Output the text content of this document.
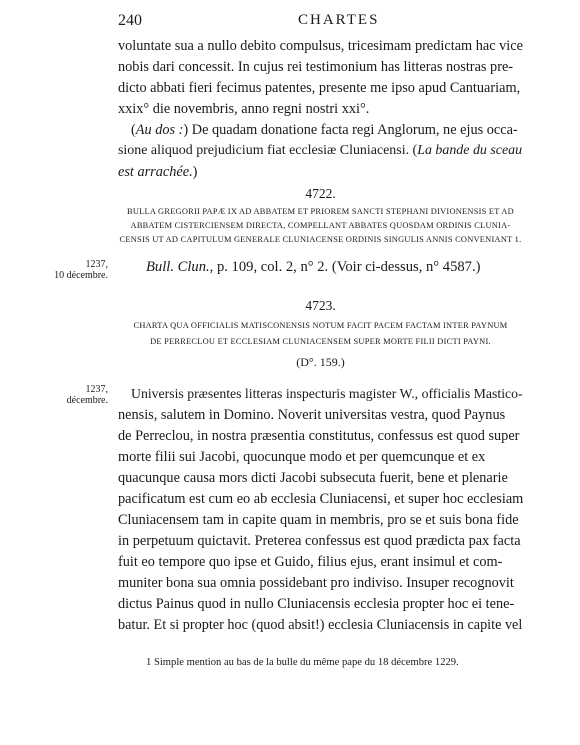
240	CHARTES
voluntate sua a nullo debito compulsus, tricesimam predictam hac vice
nobis dari concessit. In cujus rei testimonium has litteras nostras pre-
dicto abbati fieri fecimus patentes, presente me ipso apud Cantuariam,
xxix° die novembris, anno regni nostri xxi°.
(Au dos :) De quadam donatione facta regi Anglorum, ne ejus occa-
sione aliquod prejudicium fiat ecclesiæ Cluniacensi. (La bande du sceau
est arrachée.)
4722.
BULLA GREGORII PAPÆ IX AD ABBATEM ET PRIOREM SANCTI STEPHANI DIVIONENSIS ET AD
ABBATEM CISTERCIENSEM DIRECTA, COMPELLANT ABBATES QUOSDAM ORDINIS CLUNIA-
CENSIS UT AD CAPITULUM GENERALE CLUNIACENSE ORDINIS SINGULIS ANNIS CONVENIANT 1.
1237,
10 décembre.
Bull. Clun., p. 109, col. 2, n° 2. (Voir ci-dessus, n° 4587.)
4723.
CHARTA QUA OFFICIALIS MATISCONENSIS NOTUM FACIT PACEM FACTAM INTER PAYNUM
DE PERRECLOU ET ECCLESIAM CLUNIACENSEM SUPER MORTE FILII DICTI PAYNI.
(D°. 159.)
1237,
décembre. Universis præsentes litteras inspecturis magister W., officialis Mastico-
nensis, salutem in Domino. Noverit universitas vestra, quod Paynus
de Perreclou, in nostra præsentia constitutus, confessus est quod super
morte filii sui Jacobi, quocunque modo et per quemcunque et ex
quacunque causa mors dicti Jacobi subsecuta fuerit, bene et plenarie
pacificatum est cum eo ab ecclesia Cluniacensi, et super hoc ecclesiam
Cluniacensem tam in capite quam in membris, pro se et suis bona fide
in perpetuum quictavit. Preterea confessus est quod prædicta pax facta
fuit eo tempore quo ipse et Guido, filius ejus, erant insimul et com-
muniter bona sua omnia possidebant pro indiviso. Insuper recognovit
dictus Painus quod in nullo Cluniacensis ecclesia propter hoc ei tene-
batur. Et si propter hoc (quod absit!) ecclesia Cluniacensis in capite vel
1 Simple mention au bas de la bulle du même pape du 18 décembre 1229.
